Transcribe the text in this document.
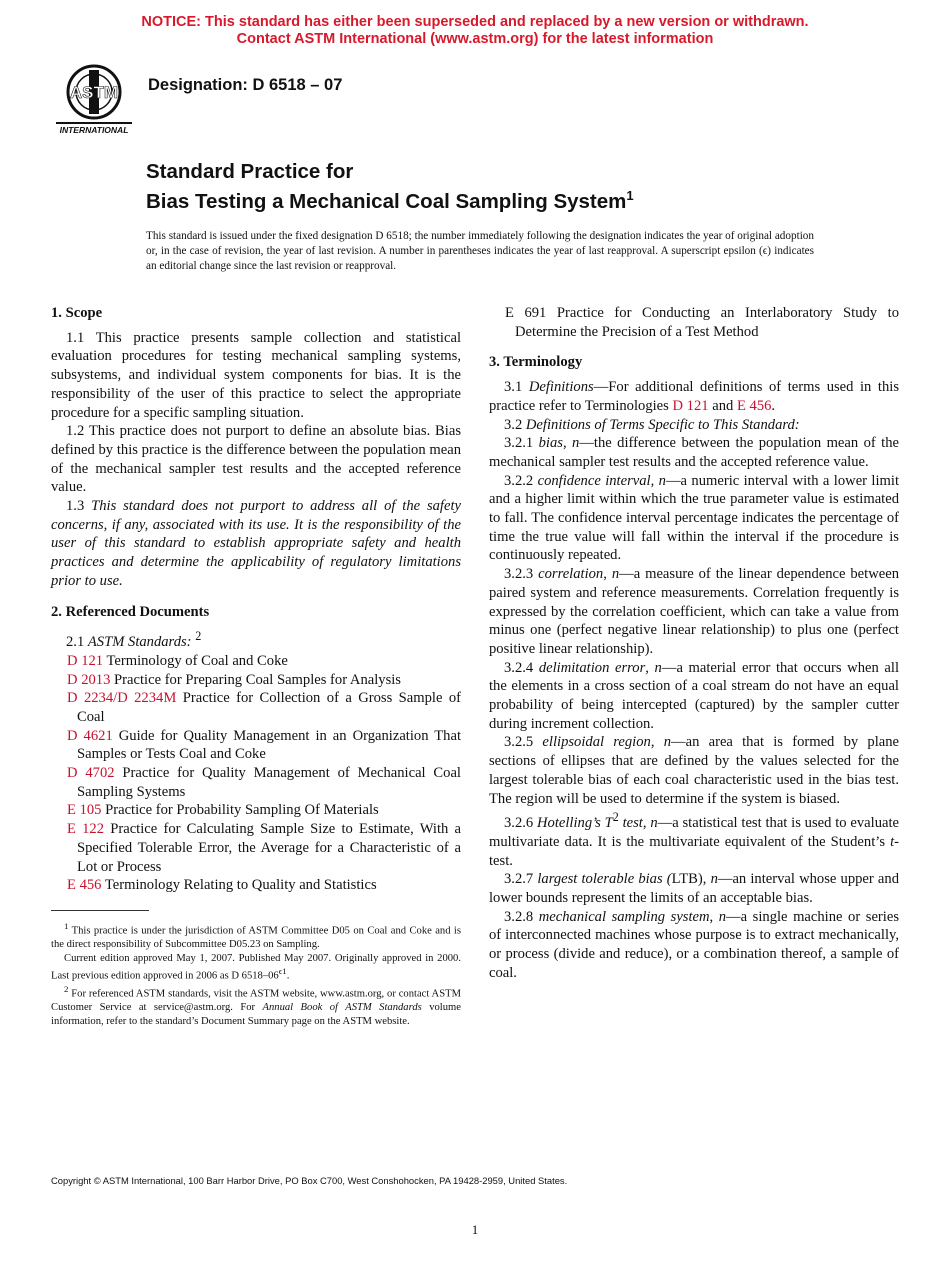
NOTICE: This standard has either been superseded and replaced by a new version or withdrawn.
Contact ASTM International (www.astm.org) for the latest information
ASTM
INTERNATIONAL
Designation: D 6518 – 07
Standard Practice for
Bias Testing a Mechanical Coal Sampling System$^1$
This standard is issued under the fixed designation D 6518; the number immediately following the designation indicates the year of original adoption or, in the case of revision, the year of last revision. A number in parentheses indicates the year of last reapproval. A superscript epsilon (ϵ) indicates an editorial change since the last revision or reapproval.
1. Scope

1.1 This practice presents sample collection and statistical evaluation procedures for testing mechanical sampling systems, subsystems, and individual system components for bias. It is the responsibility of the user of this practice to select the appropriate procedure for a specific sampling situation.

1.2 This practice does not purport to define an absolute bias. Bias defined by this practice is the difference between the population mean of the mechanical sampler test results and the accepted reference value.

1.3 This standard does not purport to address all of the safety concerns, if any, associated with its use. It is the responsibility of the user of this standard to establish appropriate safety and health practices and determine the applicability of regulatory limitations prior to use.

2. Referenced Documents

2.1 ASTM Standards: $^2$

D 121 Terminology of Coal and Coke

D 2013 Practice for Preparing Coal Samples for Analysis

D 2234/D 2234M Practice for Collection of a Gross Sample of Coal

D 4621 Guide for Quality Management in an Organization That Samples or Tests Coal and Coke

D 4702 Practice for Quality Management of Mechanical Coal Sampling Systems

E 105 Practice for Probability Sampling Of Materials

E 122 Practice for Calculating Sample Size to Estimate, With a Specified Tolerable Error, the Average for a Characteristic of a Lot or Process

E 456 Terminology Relating to Quality and Statistics

$^1$ This practice is under the jurisdiction of ASTM Committee D05 on Coal and Coke and is the direct responsibility of Subcommittee D05.23 on Sampling.

Current edition approved May 1, 2007. Published May 2007. Originally approved in 2000. Last previous edition approved in 2006 as D $6518-06^{\epsilon 1}$.

$^2$ For referenced ASTM standards, visit the ASTM website, www.astm.org, or contact ASTM Customer Service at service@astm.org. For Annual Book of ASTM Standards volume information, refer to the standard’s Document Summary page on the ASTM website.

E 691 Practice for Conducting an Interlaboratory Study to Determine the Precision of a Test Method

3. Terminology

3.1 Definitions—For additional definitions of terms used in this practice refer to Terminologies D 121 and E 456.

3.2 Definitions of Terms Specific to This Standard:

3.2.1 bias, n—the difference between the population mean of the mechanical sampler test results and the accepted reference value.

3.2.2 confidence interval, n—a numeric interval with a lower limit and a higher limit within which the true parameter value is estimated to fall. The confidence interval percentage indicates the percentage of time the true value will fall within the interval if the procedure is continuously repeated.

3.2.3 correlation, n—a measure of the linear dependence between paired system and reference measurements. Correlation frequently is expressed by the correlation coefficient, which can take a value from minus one (perfect negative linear relationship) to plus one (perfect positive linear relationship).

3.2.4 delimitation error, n—a material error that occurs when all the elements in a cross section of a coal stream do not have an equal probability of being intercepted (captured) by the sampler cutter during increment collection.

3.2.5 ellipsoidal region, n—an area that is formed by plane sections of ellipses that are defined by the values selected for the largest tolerable bias of each coal characteristic used in the bias test. The region will be used to determine if the system is biased.

3.2.6 Hotelling’s $T^2$ test, n—a statistical test that is used to evaluate multivariate data. It is the multivariate equivalent of the Student’s t-test.

3.2.7 largest tolerable bias (LTB), n—an interval whose upper and lower bounds represent the limits of an acceptable bias.

3.2.8 mechanical sampling system, n—a single machine or series of interconnected machines whose purpose is to extract mechanically, or process (divide and reduce), or a combination thereof, a sample of coal.

Copyright © ASTM International, 100 Barr Harbor Drive, PO Box C700, West Conshohocken, PA 19428-2959, United States.
1
